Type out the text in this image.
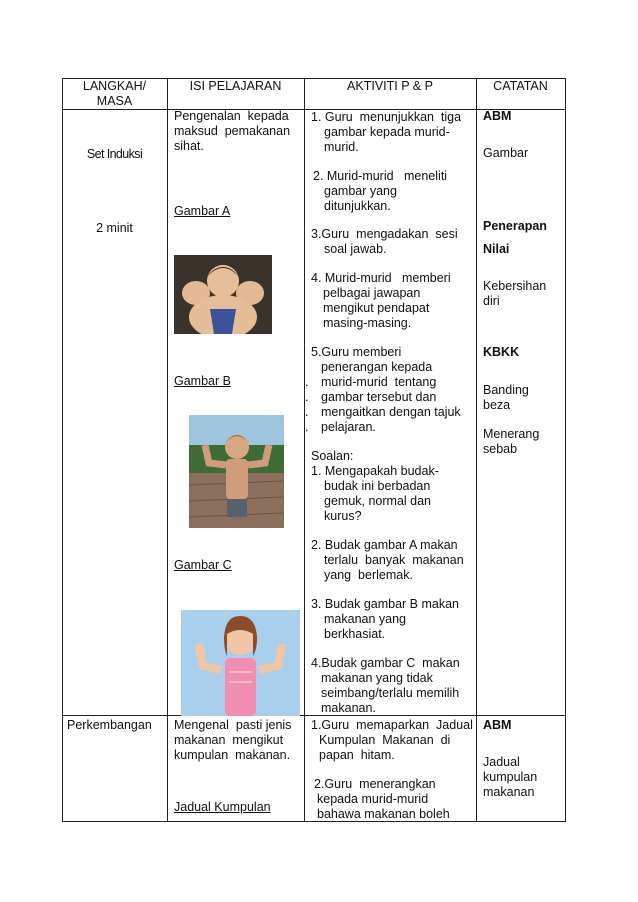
LANGKAH/
MASA
ISI PELAJARAN	AKTIVITI P & P	CATATAN
Set Induksi
2 minit
Pengenalan  kepada
maksud  pemakanan
sihat.
Gambar A
Gambar B
Gambar C
1. Guru  menunjukkan  tiga
gambar kepada murid-
murid.
2. Murid-murid   meneliti
gambar yang
ditunjukkan.
3.Guru  mengadakan  sesi
soal jawab.
4. Murid-murid   memberi
pelbagai jawapan
mengikut pendapat
masing-masing.
5.Guru memberi
penerangan kepada
murid-murid  tentang
gambar tersebut dan
mengaitkan dengan tajuk
pelajaran.
Soalan:
1. Mengapakah budak-
budak ini berbadan
gemuk, normal dan
kurus?
2. Budak gambar A makan
terlalu  banyak  makanan
yang  berlemak.
3. Budak gambar B makan
makanan yang
berkhasiat.
4.Budak gambar C  makan
makanan yang tidak
seimbang/terlalu memilih
makanan.
.
.
.
.
ABM
Gambar
Penerapan
Nilai
Kebersihan
diri
KBKK
Banding
beza
Menerang
sebab
Perkembangan Mengenal  pasti jenis
makanan  mengikut
kumpulan  makanan.
Jadual Kumpulan
1.Guru  memaparkan  Jadual
Kumpulan  Makanan  di
papan  hitam.
2.Guru  menerangkan
kepada murid-murid
bahawa makanan boleh
ABM
Jadual
kumpulan
makanan
